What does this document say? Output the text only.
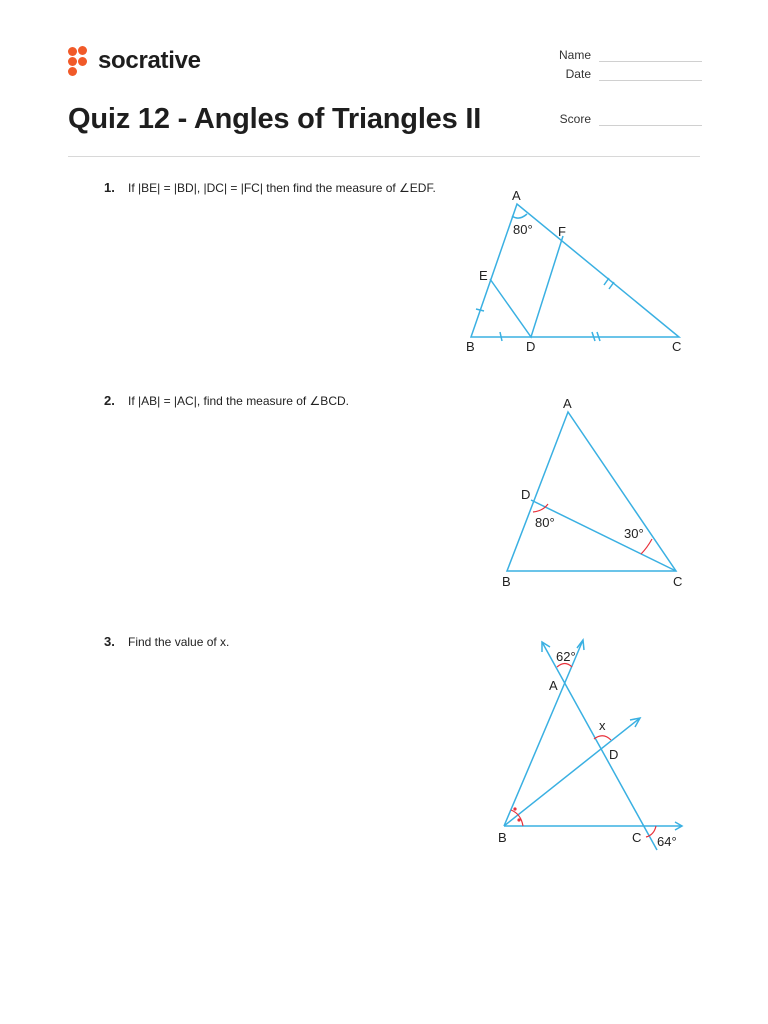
socrative	Name
Date
Score
Quiz 12 - Angles of Triangles II
1.	If |BE| = |BD|, |DC| = |FC| then find the measure of ∠EDF.
2.	If |AB| = |AC|, find the measure of ∠BCD.
3.	Find the value of x.
A
F
E
B	D	C
80°
A
D
B	C
80°
30°
A
D
B	C
62°
x
64°
